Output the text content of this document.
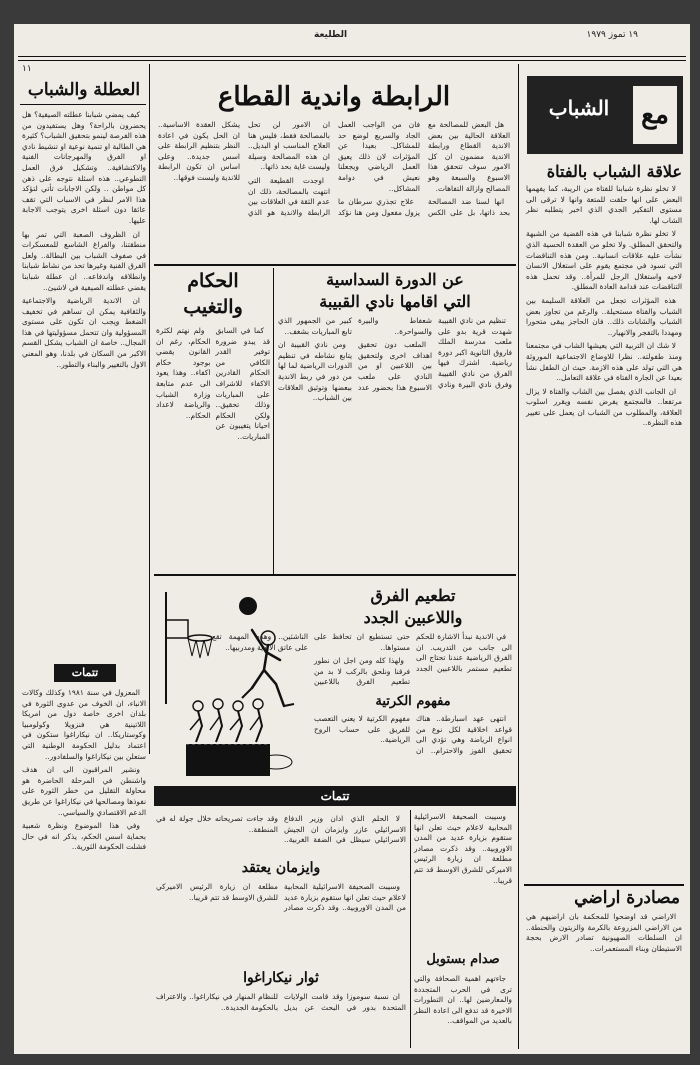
١٩ تموز ١٩٧٩
الطليعة
١١
مع
الشباب
علاقة الشباب بالفتاة

لا تخلو نظرة شبابنا للفتاة من الريبة، كما يفهمها البعض على انها حلقت للمتعة وانها لا ترقى الى مستوى التفكير الجدي الذي اخبر يتطلبه نظر الشاب لها.

لا تخلو نظرة شبابنا في هذه القضية من الشبهة والتحقق المطلق. ولا تخلو من العقدة الحسية الذي نشأت عليه علاقات انسانية.. ومن هذه التناقضات التي تسود في مجتمع يقوم على استغلال الانسان لاخيه واستغلال الرجل للمرأة.. وقد تحمل هذه التناقضات عند قدامة العادة المطلق.

هذه المؤثرات تجعل من العلاقة السليمة بين الشباب والفتاة مستحيلة.. والرغم من تجاوز بعض الشباب والشابات ذلك.. فان الحاجز يبقى متحورا ومهددا بالتفجر والانهيار..

لا شك ان التربية التي يعيشها الشاب في مجتمعنا ومنذ طفولته.. نظرا للاوضاع الاجتماعية الموروثة هي التي تولد على هذه الازمة. حيث ان الطفل نشأ بعيدا عن الجارة الفتاة في علاقة التعامل..

ان الجانب الذي يفصل بين الشاب والفتاة لا يزال مرتفعا.. فالمجتمع يفرض نفسه ويقرر اسلوب العلاقة، والمطلوب من الشباب ان يعمل على تغيير هذه النظرة..

مصادرة اراضي

الاراضي قد اوضحوا للمحكمة بان اراضيهم هي من الاراضي المزروعة بالكرمة والزيتون والحنطة.. ان السلطات الصهيونية تصادر الارض بحجة الاستيطان وبناء المستعمرات..

العطلة والشباب

كيف يمضي شبابنا عطلته الصيفية؟ هل يحضرون بالراحة؟ وهل يستفيدون من هذه الفرصة لينمو بتحقيق الشباب؟ كثيرة هي الطالبة او تنمية نوعية او تنشيط نادي او الفرق والمهرجانات الفنية والاكتشافية.. وتشكيل فرق العمل التطوعي.. هذه اسئلة نتوجه على ذهن كل مواطن .. ولكن الاجابات تأتي لتؤكد هذا الامر لنظر في الاسباب التي تقف عائقا دون اسئلة اخرى يتوجب الاجابة عليها.

ان الظروف الصعبة التي تمر بها منطقتنا، والفراغ الشاسع للمعسكرات في صفوف الشباب بين البطالة.. ولعل الفرق الفنية وغيرها تحد من نشاط شبابنا وانطلاقه واندفاعه.. ان عطلة شبابنا يقضي عطلته الصيفية في لاشيئ..

ان الاندية الرياضية والاجتماعية والثقافية يمكن ان تساهم في تخفيف الضغط ويجب ان تكون على مستوى المسؤولية وان تتحمل مسؤوليتها في هذا المجال.. خاصة ان الشباب يشكل القسم الاكبر من السكان في بلدنا، وهو المعني الاول بالتغيير والبناء والتطور..

تتمات

المعزول في سنة ١٩٨١ وكذلك وكالات الانباء، ان الخوف من عدوى الثورة في بلدان اخرى خاصة دول من امريكا اللاتينية هي فنزويلا وكولومبيا وكوستاريكا.. ان نيكاراغوا ستكون في اعتماد بدليل الحكومة الوطنية التي ستعلن بين نيكاراغوا والسلفادور..

ونشير المراقبون الى ان هدف واشنطن في المرحلة الحاضرة هو محاولة التقليل من خطر الثورة على نفوذها ومصالحها في نيكاراغوا عن طريق الدعم الاقتصادي والسياسي..

وفي هذا الموضوع ونظرة شعبية بحماية اسس الحكم، يذكر انه في حال فشلت الحكومة الثورية..

الرابطة واندية القطاع

هل البعض للمصالحة مع العلاقة الحالية بين بعض الاندية القطاع ورابطة الاندية مضمون ان كل الامور سوف تتحقق هذا الاسبوع والسبعة وهو المصالح وازالة التفاهات.

انها لسنا ضد المصالحة بحد ذاتها، بل على الكس فان من الواجب العمل الجاد والسريع لوضع حد للمشاكل. بعيدا عن المؤثرات لان ذلك يعيق العمل الرياضي ويجعلنا نعيش في دوامة المشاكل..

علاج تجذري سرطان ما يزول مفعول ومن هنا نؤكد ان الامور لن تحل بالمصالحة فقط، فليس هنا العلاج المناسب او البديل.. ان هذه المصالحة وسيلة وليست غاية بحد ذاتها..

اوجدت القطيعة التي انتهت بالمصالحة، ذلك ان عدم الثقة في العلاقات بين الرابطة والاندية هو الذي يشكل العقدة الاساسية.. ان الحل يكون في اعادة النظر بتنظيم الرابطة على اسس جديدة.. وعلى اساس ان تكون الرابطة للاندية وليست فوقها..

عن الدورة السداسية
التي اقامها نادي القبيبة

تنظيم من نادي القبيبة شهدت قرية بدو على ملعب مدرسة الملك فاروق الثانوية اكبر دورة رياضية. اشترك فيها الفرق من نادي القبيبة وفرق نادي البيرة ونادي شعفاط والبيرة والسواحرة..

الملعب دون تحقيق اهداف اخرى ولتحقيق بين اللاعبين او من النادي على ملعب الاسبوع هذا بحضور عدد كبير من الجمهور الذي تابع المباريات بشغف..

ومن نادي القبيبة ان يتابع نشاطه في تنظيم الدورات الرياضية لما لها من دور في ربط الاندية ببعضها وتوثيق العلاقات بين الشباب..

الحكام
والتغيب

كما في السابق قد يبدو ضرورة توفير القدر الكافي من الحكام القادرين الاكفاء للاشراف على المباريات وذلك تحقيق.. ولكن الحكام احيانا يتغيبون عن المباريات..

ولم نهتم لكثرة الحكام، رغم ان القانون يقضي بوجود حكام اكفاء.. وهذا يعود الى عدم متابعة وزارة الشباب والرياضة لاعداد الحكام..

تطعيم الفرق
واللاعبين الجدد

في الاندية نبدأ الاشارة للحكم الى جانب من التدريب. ان الفرق الرياضية عندنا تحتاج الى تطعيم مستمر باللاعبين الجدد حتى تستطيع ان تحافظ على مستواها..

ولهذا كله ومن اجل ان نطور فرقنا ونلحق بالركب لا بد من تطعيم الفرق باللاعبين الناشئين.. وهذه المهمة تقع على عاتق الاندية ومدربيها..

مفهوم الكرتية

انتهى عهد اسبارطة.. هناك قواعد اخلاقية لكل نوع من انواع الرياضة وهي تؤدي الى تحقيق الفوز والاحترام.. ان مفهوم الكرتية لا يعني التعصب للفريق على حساب الروح الرياضية..

تتمات

وسيبت الصحيفة الاسرائيلية المحابية لاعلام حيث تعلن انها ستقوم بزيارة عديد من المدن الاوروبية.. وقد ذكرت مصادر مطلعة ان زيارة الرئيس الاميركي للشرق الاوسط قد تتم قريبا..

صدام بستوبل

جاءتهم اهمية الصحافة والتي ترى في الحرب المتجددة والمعارضين لها.. ان التطورات الاخيرة قد تدفع الى اعادة النظر بالعديد من المواقف..

وايزمان يعتقد

لا الحلم الذي ادان وزير الدفاع الاسرائيلي عازر وايزمان ان الجيش الاسرائيلي سيظل في الضفة الغربية.. وقد جاءت تصريحاته خلال جولة له في المنطقة..

وسيبت الصحيفة الاسرائيلية المحابية لاعلام حيث تعلن انها ستقوم بزيارة عديد من المدن الاوروبية.. وقد ذكرت مصادر مطلعة ان زيارة الرئيس الاميركي للشرق الاوسط قد تتم قريبا..

ثوار نيكاراغوا

ان نسبة سوموزا وقد قامت الولايات المتحدة بدور في البحث عن بديل للنظام المنهار في نيكاراغوا.. والاعتراف بالحكومة الجديدة..
